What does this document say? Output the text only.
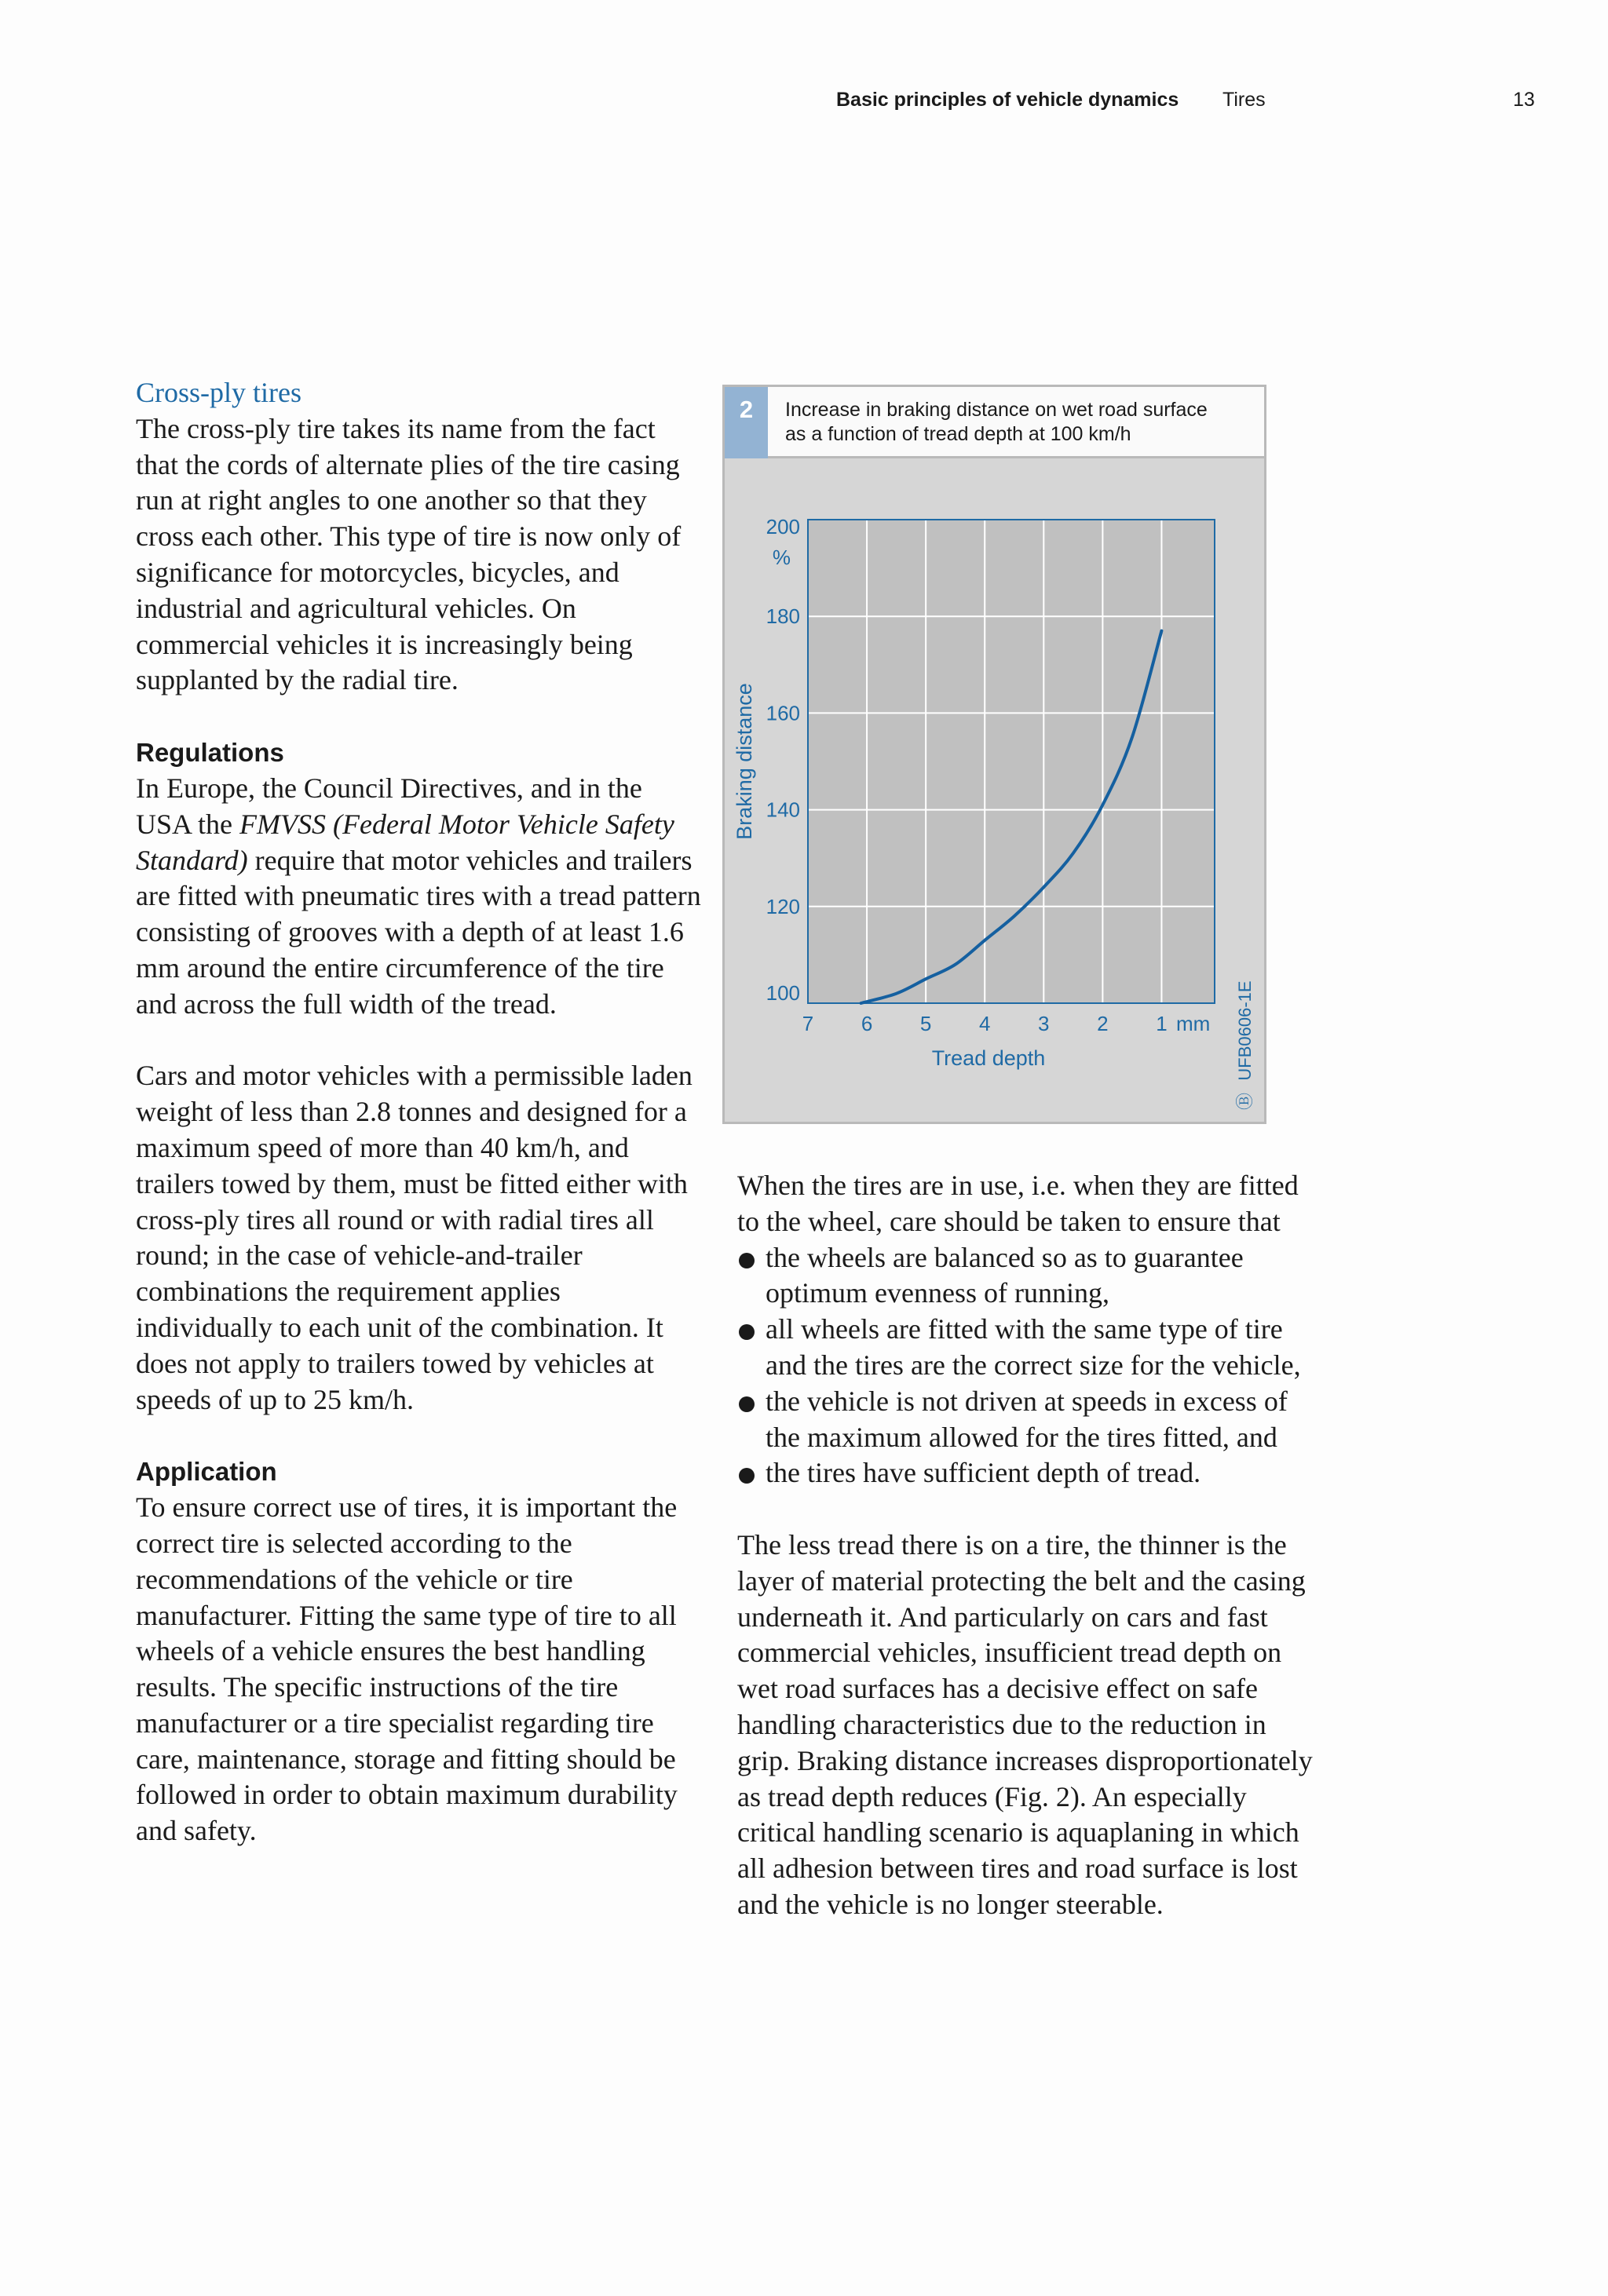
Basic principles of vehicle dynamics Tires	13

Cross-ply tires

The cross-ply tire takes its name from the fact that the cords of alternate plies of the tire casing run at right angles to one another so that they cross each other. This type of tire is now only of significance for motorcycles, bicycles, and industrial and agricultural vehicles. On commercial vehicles it is increasingly being supplanted by the radial tire.

Regulations

In Europe, the Council Directives, and in the USA the FMVSS (Federal Motor Vehicle Safety Standard) require that motor vehicles and trailers are fitted with pneumatic tires with a tread pattern consisting of grooves with a depth of at least 1.6 mm around the entire circumference of the tire and across the full width of the tread.

Cars and motor vehicles with a permissible laden weight of less than 2.8 tonnes and designed for a maximum speed of more than 40 km/h, and trailers towed by them, must be fitted either with cross-ply tires all round or with radial tires all round; in the case of vehicle-and-trailer combinations the requirement applies individually to each unit of the combination. It does not apply to trailers towed by vehicles at speeds of up to 25 km/h.

Application

To ensure correct use of tires, it is important the correct tire is selected according to the recommendations of the vehicle or tire manufacturer. Fitting the same type of tire to all wheels of a vehicle ensures the best handling results. The specific instructions of the tire manufacturer or a tire specialist regarding tire care, maintenance, storage and fitting should be followed in order to obtain maximum durability and safety.

When the tires are in use, i.e. when they are fitted to the wheel, care should be taken to ensure that

the wheels are balanced so as to guarantee optimum evenness of running,
all wheels are fitted with the same type of tire and the tires are the correct size for the vehicle,
the vehicle is not driven at speeds in excess of the maximum allowed for the tires fitted, and
the tires have sufficient depth of tread.

The less tread there is on a tire, the thinner is the layer of material protecting the belt and the casing underneath it. And particularly on cars and fast commercial vehicles, insufficient tread depth on wet road surfaces has a decisive effect on safe handling characteristics due to the reduction in grip. Braking distance increases disproportionately as tread depth reduces (Fig. 2). An especially critical handling scenario is aquaplaning in which all adhesion between tires and road surface is lost and the vehicle is no longer steerable.

Increase in braking distance on wet road surface
as a function of tread depth at 100 km/h
2
100
120
140
160
180
200
7 6 5 4 3 2 1
%
mm
Braking distance
Tread depth	UFB0606-1E
Ⓑ
